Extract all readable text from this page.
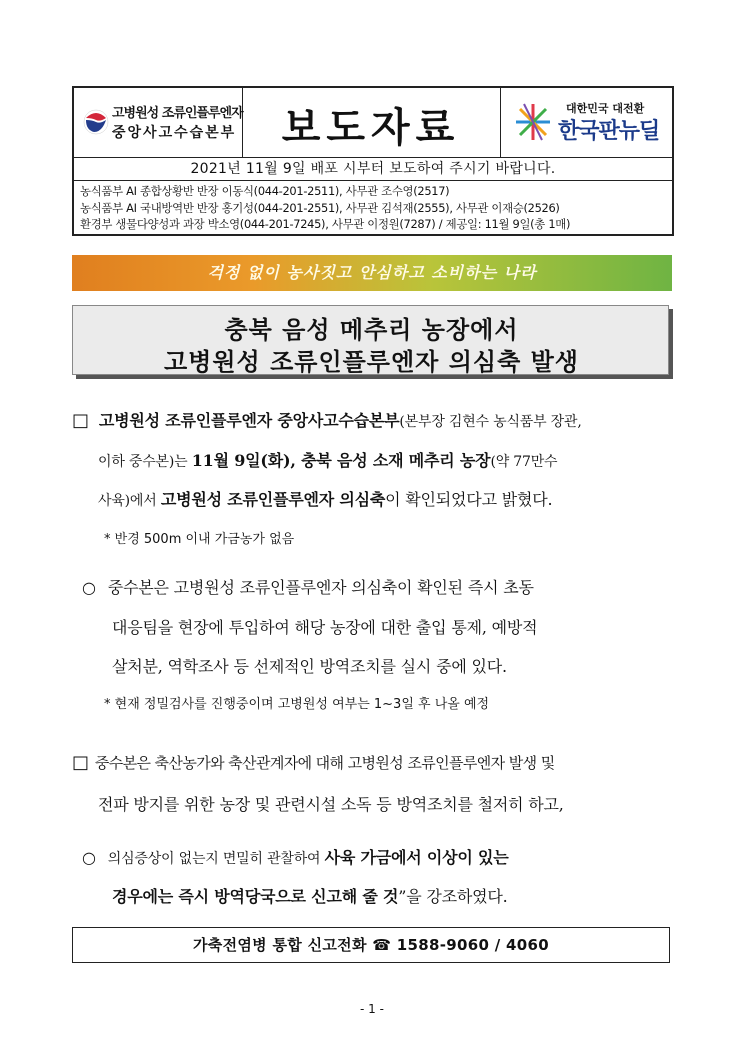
고병원성 조류인플루엔자
중앙사고수습본부	보도자료	대한민국 대전환
한국판뉴딜
2021년 11월 9일 배포 시부터 보도하여 주시기 바랍니다.
농식품부 AI 종합상황반 반장 이동식(044-201-2511), 사무관 조수영(2517)
농식품부 AI 국내방역반 반장 홍기성(044-201-2551), 사무관 김석재(2555), 사무관 이재승(2526)
환경부 생물다양성과 과장 박소영(044-201-7245), 사무관 이정원(7287) / 제공일: 11월 9일(총 1매)
걱정 없이 농사짓고 안심하고 소비하는 나라
충북 음성 메추리 농장에서
고병원성 조류인플루엔자 의심축 발생
□ 고병원성 조류인플루엔자 중앙사고수습본부(본부장 김현수 농식품부 장관,
이하 중수본)는 11월 9일(화), 충북 음성 소재 메추리 농장(약 77만수
사육)에서 고병원성 조류인플루엔자 의심축이 확인되었다고 밝혔다.
* 반경 500m 이내 가금농가 없음
○ 중수본은 고병원성 조류인플루엔자 의심축이 확인된 즉시 초동
대응팀을 현장에 투입하여 해당 농장에 대한 출입 통제, 예방적
살처분, 역학조사 등 선제적인 방역조치를 실시 중에 있다.
* 현재 정밀검사를 진행중이며 고병원성 여부는 1~3일 후 나올 예정
□ 중수본은 축산농가와 축산관계자에 대해 고병원성 조류인플루엔자 발생 및
전파 방지를 위한 농장 및 관련시설 소독 등 방역조치를 철저히 하고,
○ 의심증상이 없는지 면밀히 관찰하여 사육 가금에서 이상이 있는
경우에는 즉시 방역당국으로 신고해 줄 것”을 강조하였다.
가축전염병 통합 신고전화 ☎ 1588-9060 / 4060
- 1 -
